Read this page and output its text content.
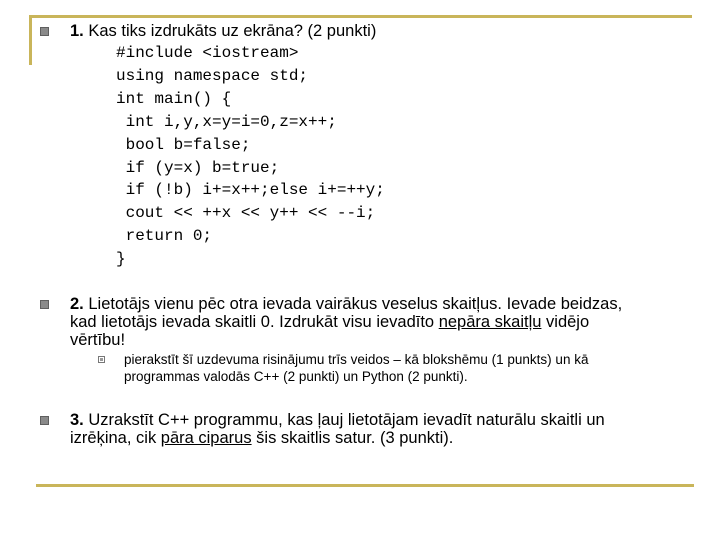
1. Kas tiks izdrukāts uz ekrāna? (2 punkti)
#include <iostream>
using namespace std;
int main() {
int i,y,x=y=i=0,z=x++;
bool b=false;
if (y=x) b=true;
if (!b) i+=x++;else i+=++y;
cout << ++x << y++ << --i;
return 0;
}
2. Lietotājs vienu pēc otra ievada vairākus veselus skaitļus. Ievade beidzas,
kad lietotājs ievada skaitli 0. Izdrukāt visu ievadīto nepāra skaitļu vidējo
vērtību!
pierakstīt šī uzdevuma risinājumu trīs veidos – kā blokshēmu (1 punkts) un kā
programmas valodās C++ (2 punkti) un Python (2 punkti).
3. Uzrakstīt C++ programmu, kas ļauj lietotājam ievadīt naturālu skaitli un
izrēķina, cik pāra ciparus šis skaitlis satur. (3 punkti).
